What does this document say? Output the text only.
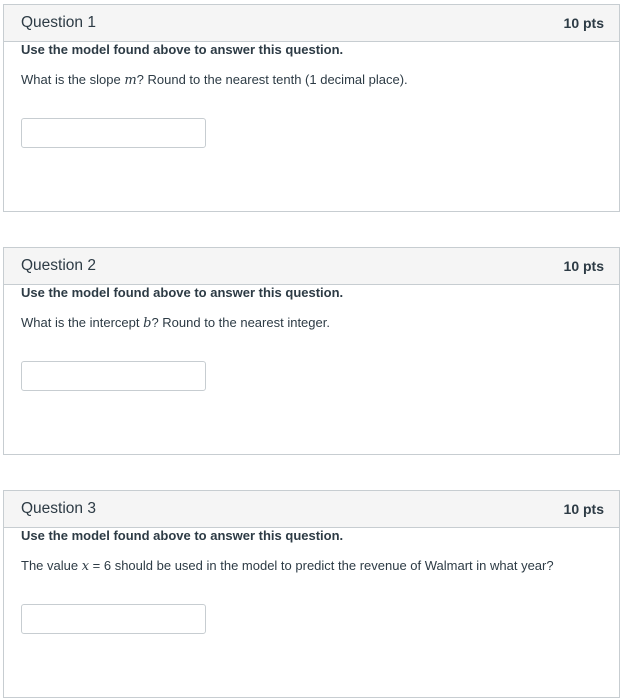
Question 1	10 pts
Use the model found above to answer this question.
What is the slope m? Round to the nearest tenth (1 decimal place).
Question 2	10 pts
Use the model found above to answer this question.
What is the intercept b? Round to the nearest integer.
Question 3	10 pts
Use the model found above to answer this question.
The value x = 6 should be used in the model to predict the revenue of Walmart in what year?
